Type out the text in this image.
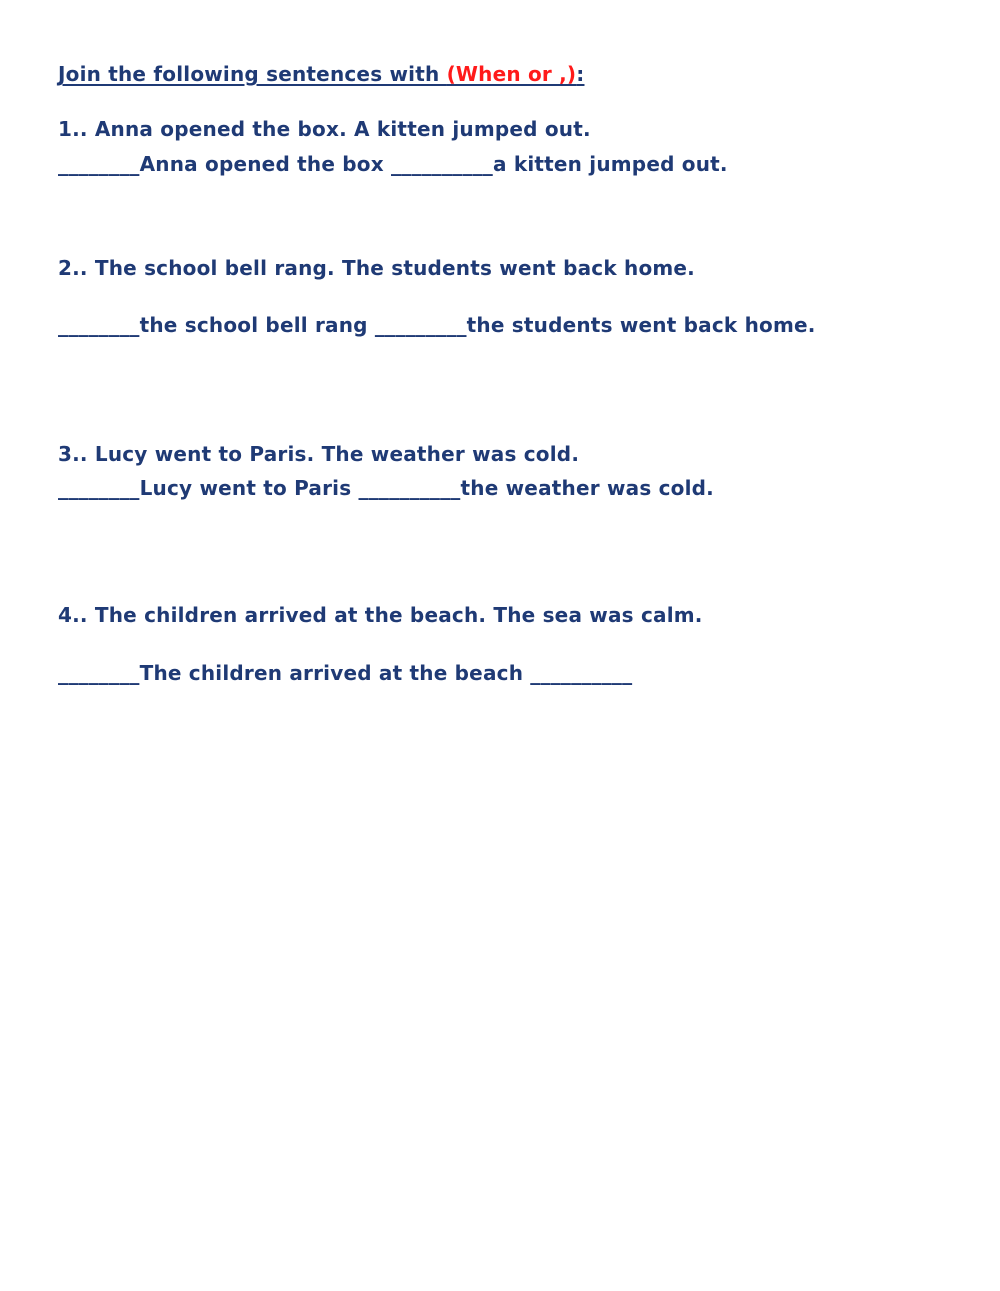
Join the following sentences with (When or ,):
1.. Anna opened the box. A kitten jumped out.
________Anna opened the box __________a kitten jumped out.
2.. The school bell rang. The students went back home.
________the school bell rang _________the students went back home.
3.. Lucy went to Paris. The weather was cold.
________Lucy went to Paris __________the weather was cold.
4.. The children arrived at the beach. The sea was calm.
________The children arrived at the beach __________
